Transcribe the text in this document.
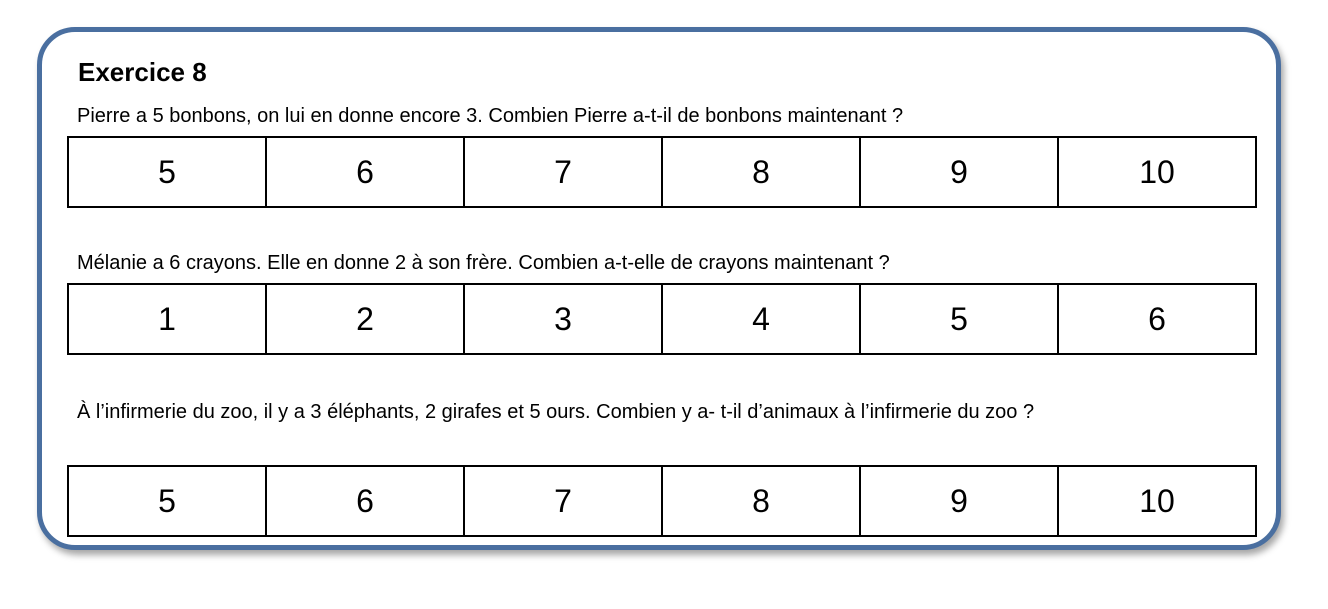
Exercice 8

Pierre a 5 bonbons, on lui en donne encore 3. Combien Pierre a-t-il de bonbons maintenant ?

5	6	7	8	9	10

Mélanie a 6 crayons. Elle en donne 2 à son frère. Combien a-t-elle de crayons maintenant ?

1	2	3	4	5	6

À l’infirmerie du zoo, il y a 3 éléphants, 2 girafes et 5 ours. Combien y a- t-il d’animaux à l’infirmerie du zoo ?

5	6	7	8	9	10
